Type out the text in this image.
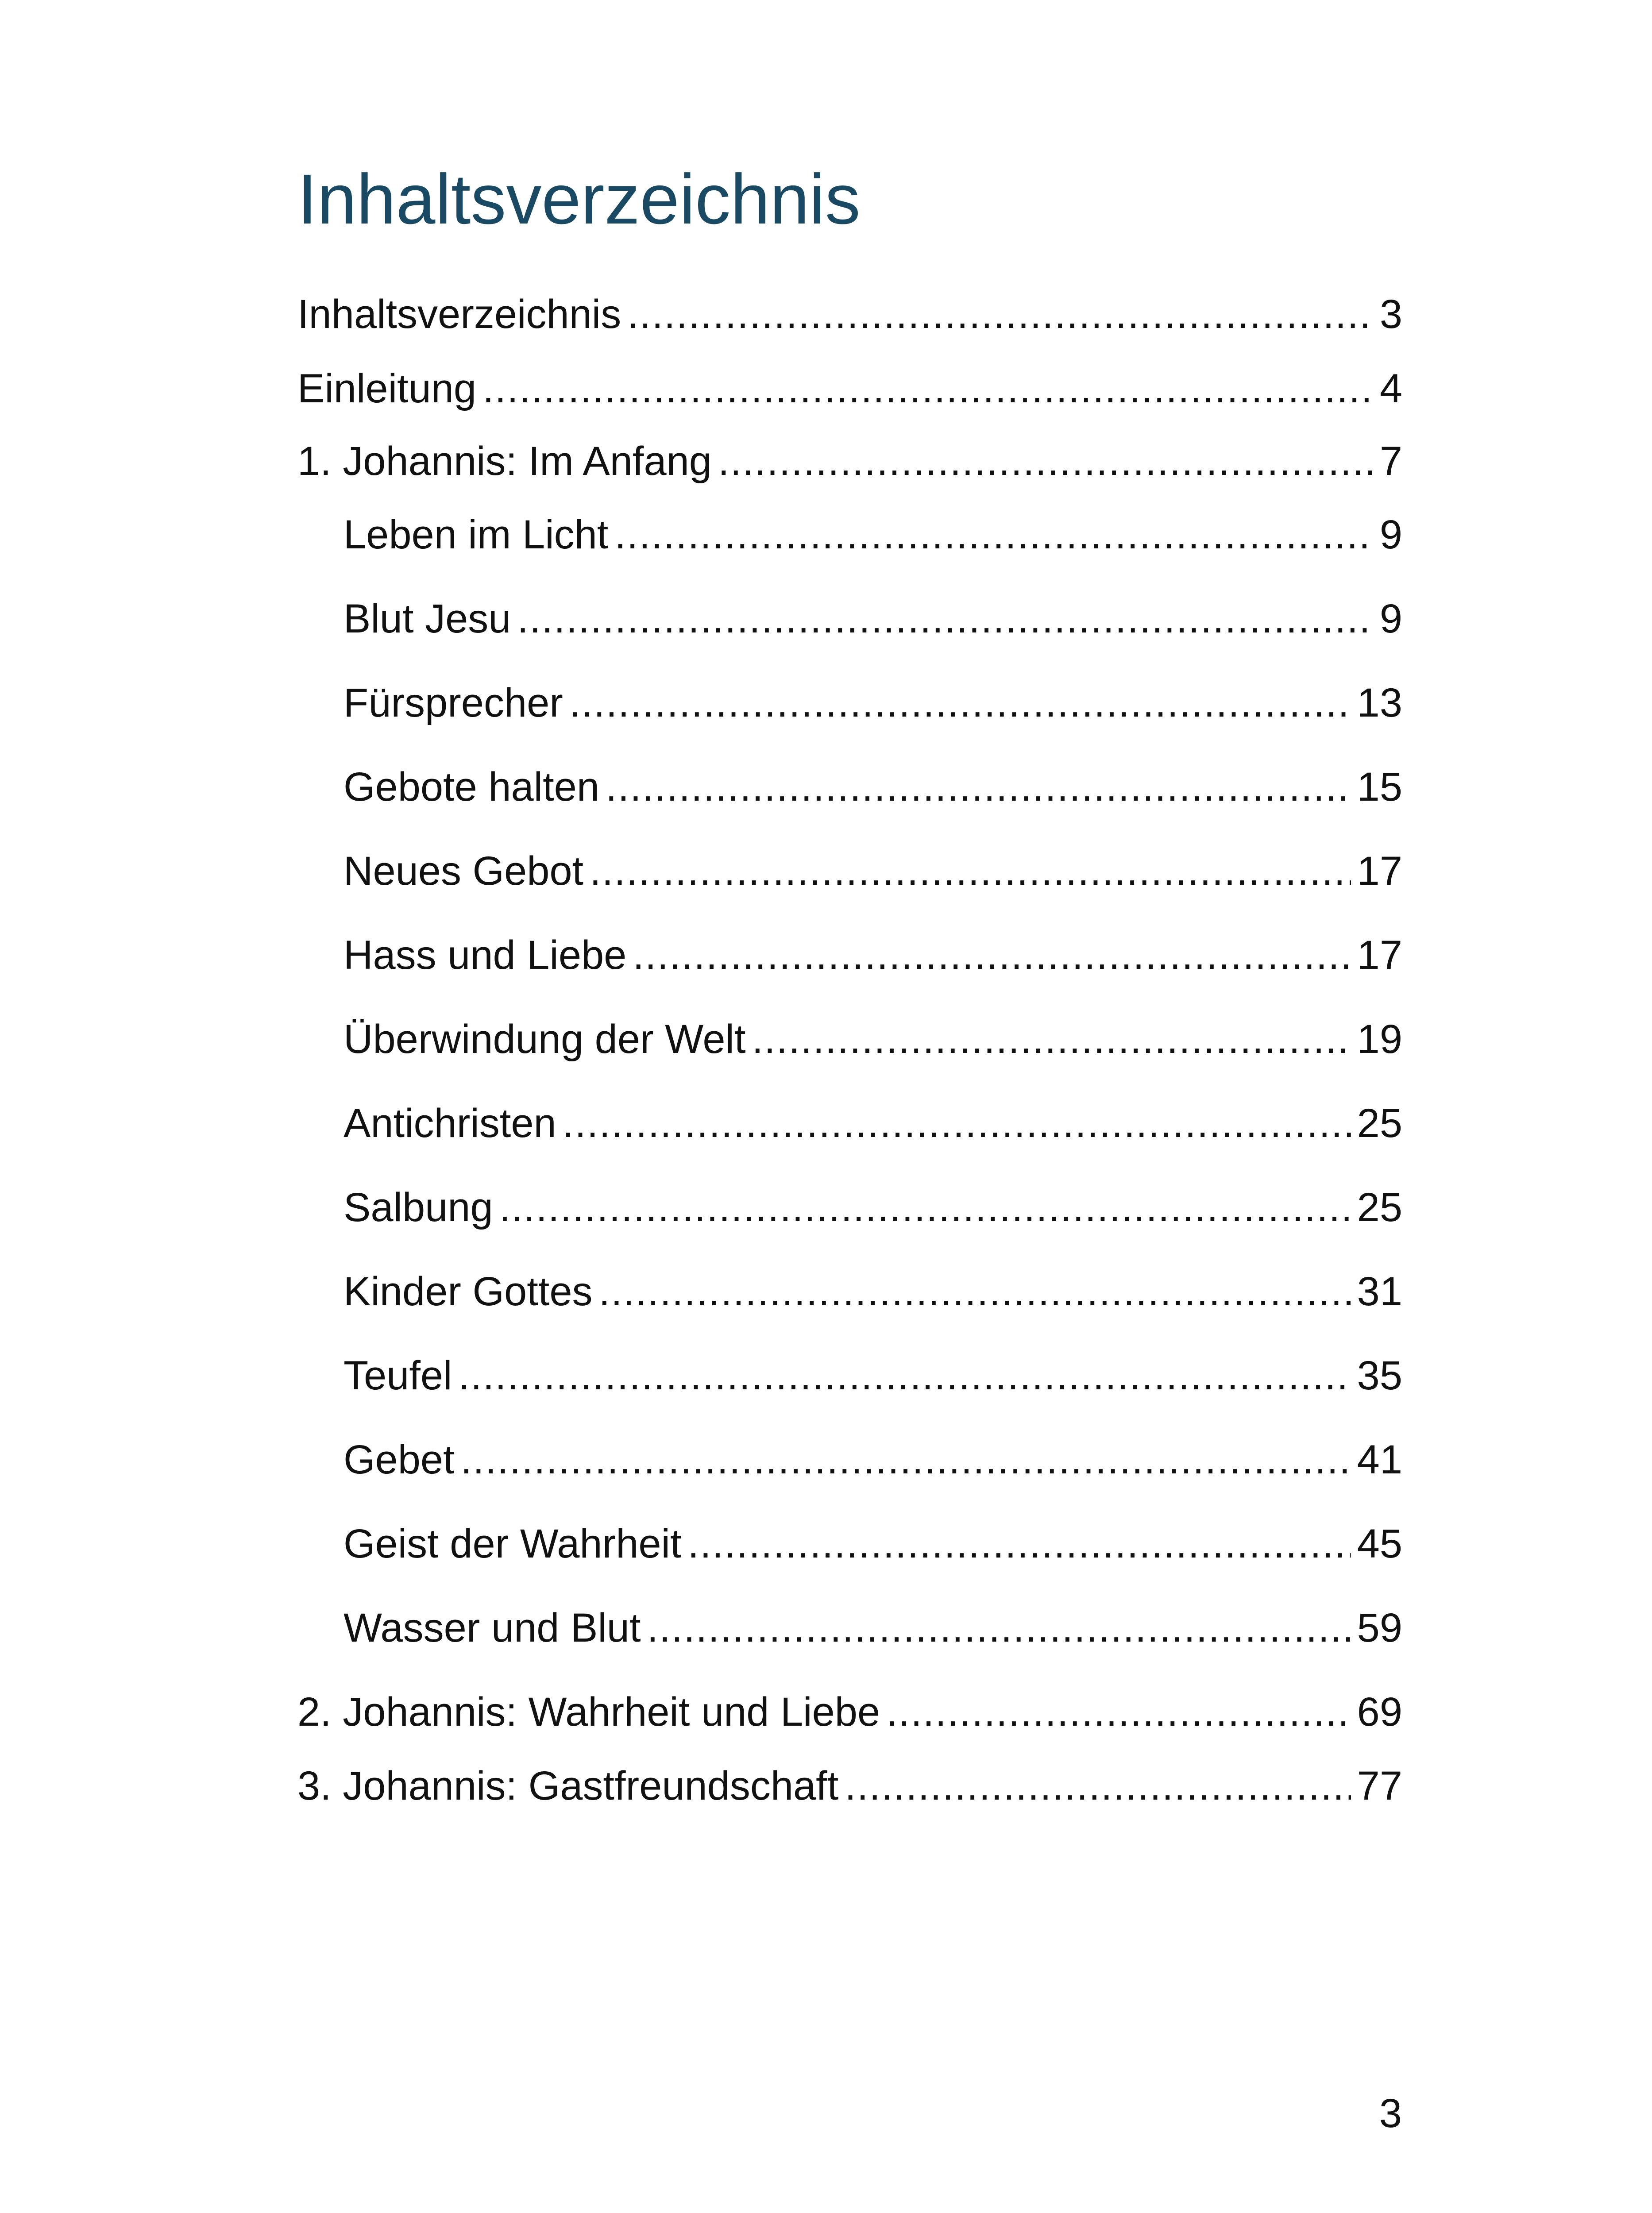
Inhaltsverzeichnis
Inhaltsverzeichnis .....	3
Einleitung .....	4
1. Johannis: Im Anfang .....	7
Leben im Licht .....	9
Blut Jesu .....	9
Fürsprecher .....	13
Gebote halten .....	15
Neues Gebot .....	17
Hass und Liebe .....	17
Überwindung der Welt .....	19
Antichristen .....	25
Salbung .....	25
Kinder Gottes .....	31
Teufel .....	35
Gebet .....	41
Geist der Wahrheit .....	45
Wasser und Blut .....	59
2. Johannis: Wahrheit und Liebe .....	69
3. Johannis: Gastfreundschaft .....	77
3
